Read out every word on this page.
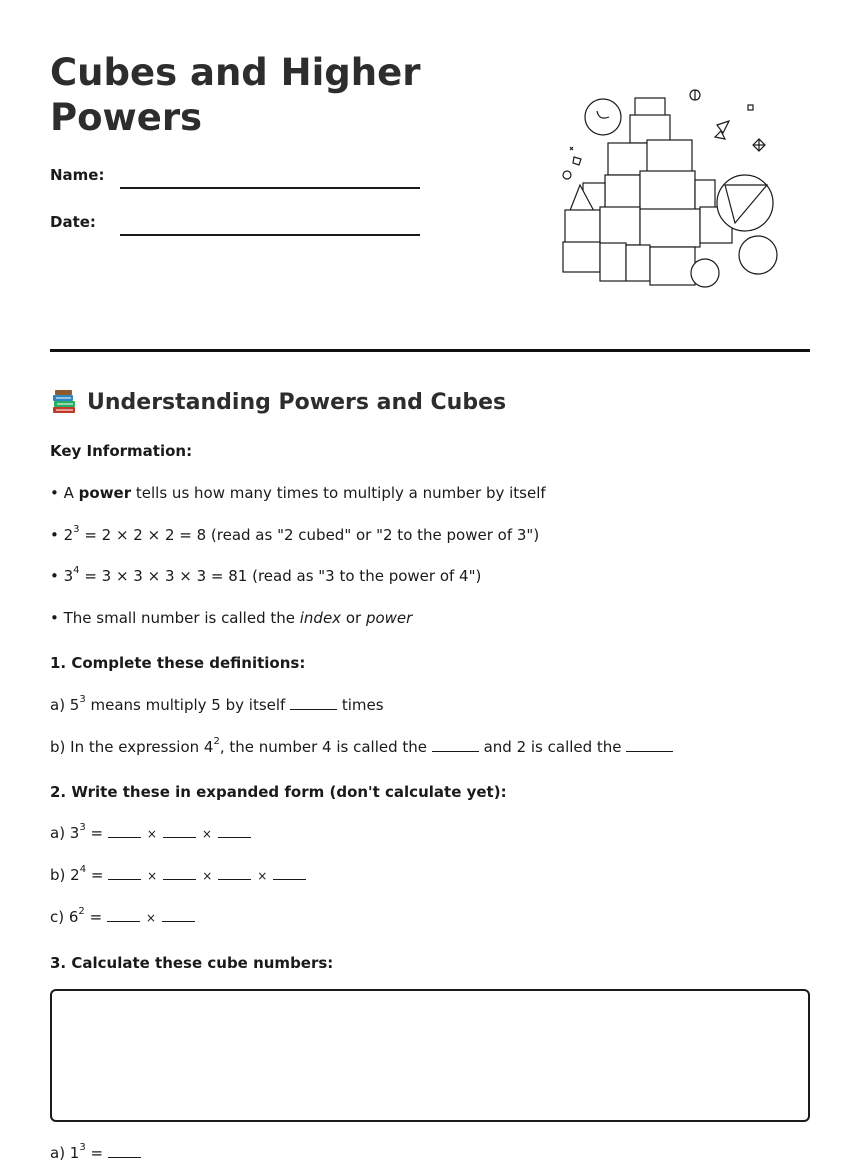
Cubes and Higher Powers
Name:
Date:
Understanding Powers and Cubes
Key Information:
• A power tells us how many times to multiply a number by itself
• $2^3 = 2 \times 2 \times 2 = 8$ (read as "2 cubed" or "2 to the power of 3")
• $3^4 = 3 \times 3 \times 3 \times 3 = 81$ (read as "3 to the power of 4")
• The small number is called the index or power
1. Complete these definitions:
a) $5^3$ means multiply 5 by itself	times
b) In the expression $4^2$, the number 4 is called the	and 2 is called the
2. Write these in expanded form (don't calculate yet):
a) $3^3$ =	×	×
b) $2^4$ =	×	×	×
c) $6^2$ =	×
3. Calculate these cube numbers:
a) $1^3$ =
